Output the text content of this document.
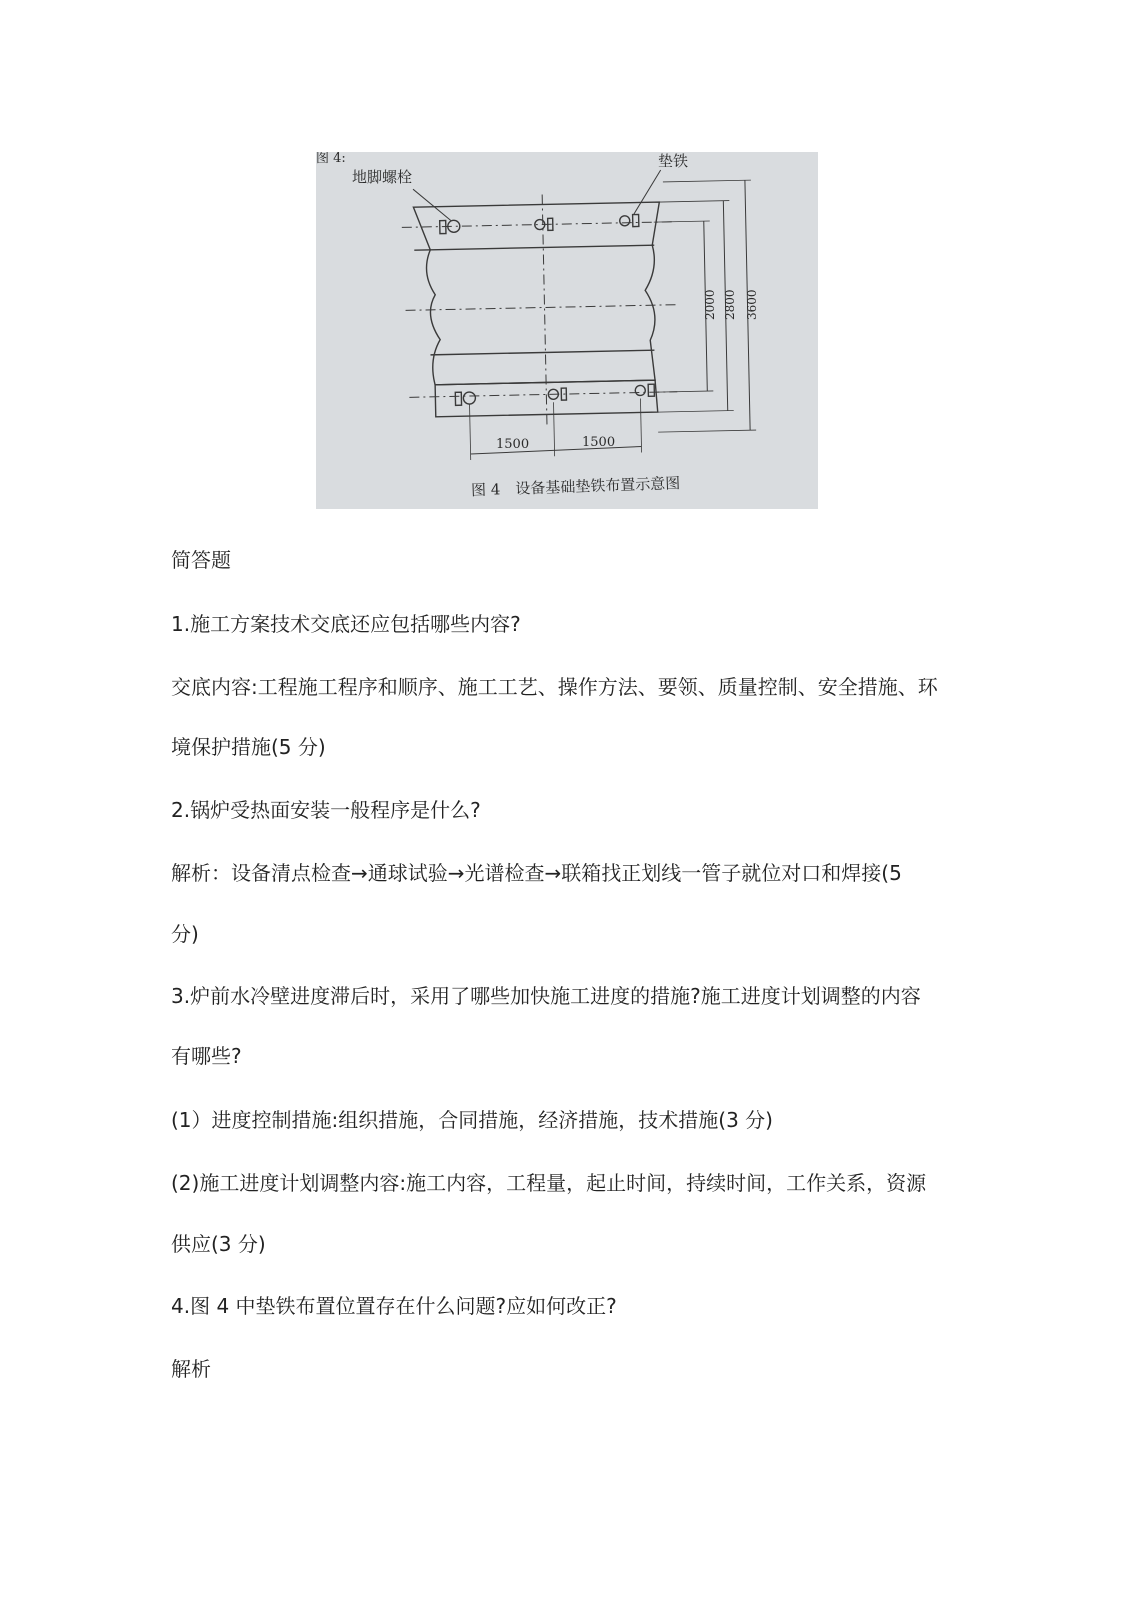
图 4:
地脚螺栓
垫铁
2000 2800 3600
1500	1500
图 4　设备基础垫铁布置示意图
简答题
1.施工方案技术交底还应包括哪些内容?
交底内容:工程施工程序和顺序、施工工艺、操作方法、要领、质量控制、安全措施、环
境保护措施(5 分)
2.锅炉受热面安装一般程序是什么?
解析：设备清点检查→通球试验→光谱检查→联箱找正划线一管子就位对口和焊接(5
分)
3.炉前水冷壁进度滞后时，采用了哪些加快施工进度的措施?施工进度计划调整的内容
有哪些?
(1）进度控制措施:组织措施，合同措施，经济措施，技术措施(3 分)
(2)施工进度计划调整内容:施工内容，工程量，起止时间，持续时间，工作关系，资源
供应(3 分)
4.图 4 中垫铁布置位置存在什么问题?应如何改正?
解析
